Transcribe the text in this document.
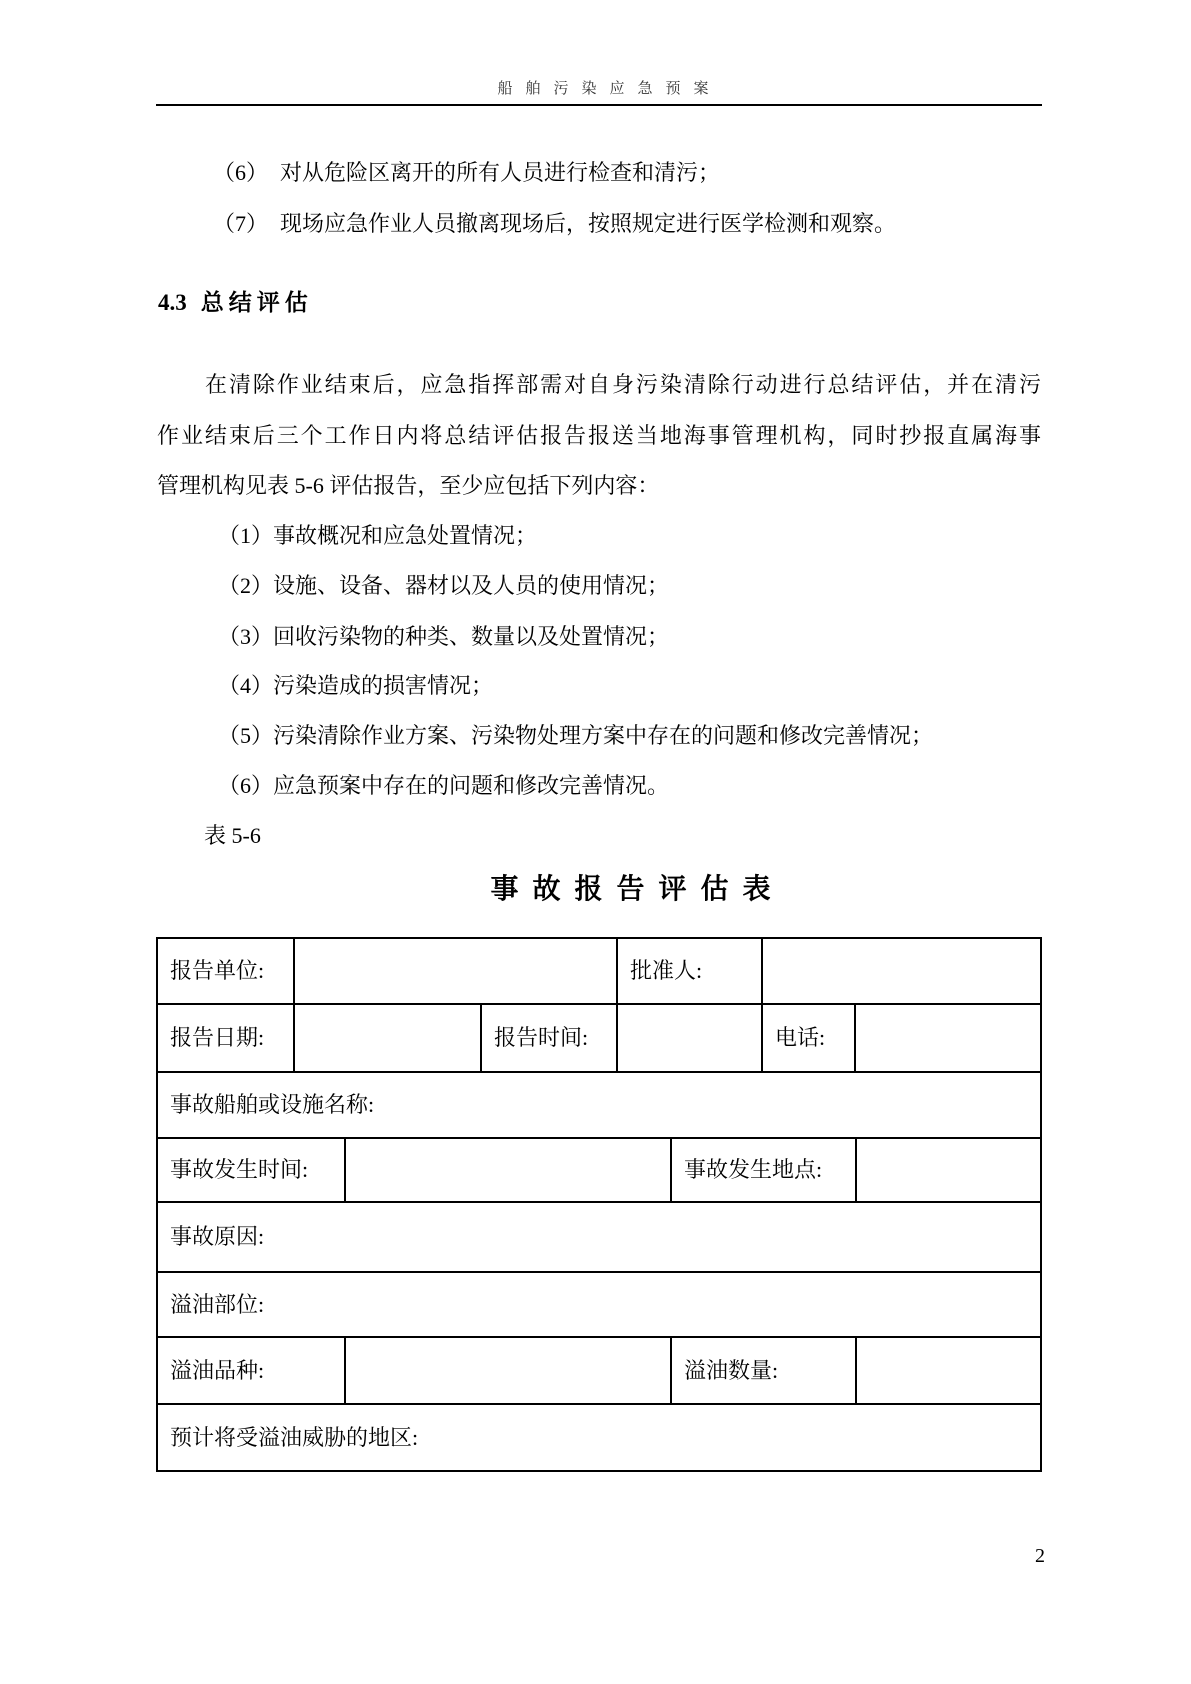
船舶污染应急预案
（6） 对从危险区离开的所有人员进行检查和清污；
（7） 现场应急作业人员撤离现场后，按照规定进行医学检测和观察。
4.3 总结评估
在清除作业结束后，应急指挥部需对自身污染清除行动进行总结评估，并在清污
作业结束后三个工作日内将总结评估报告报送当地海事管理机构，同时抄报直属海事
管理机构见表 5-6 评估报告，至少应包括下列内容：
（1）事故概况和应急处置情况；
（2）设施、设备、器材以及人员的使用情况；
（3）回收污染物的种类、数量以及处置情况；
（4）污染造成的损害情况；
（5）污染清除作业方案、污染物处理方案中存在的问题和修改完善情况；
（6）应急预案中存在的问题和修改完善情况。
表 5-6
事故报告评估表
报告单位:	批准人:
报告日期:	报告时间:	电话:
事故船舶或设施名称:
事故发生时间:	事故发生地点:
事故原因:
溢油部位:
溢油品种:	溢油数量:
预计将受溢油威胁的地区:
2
